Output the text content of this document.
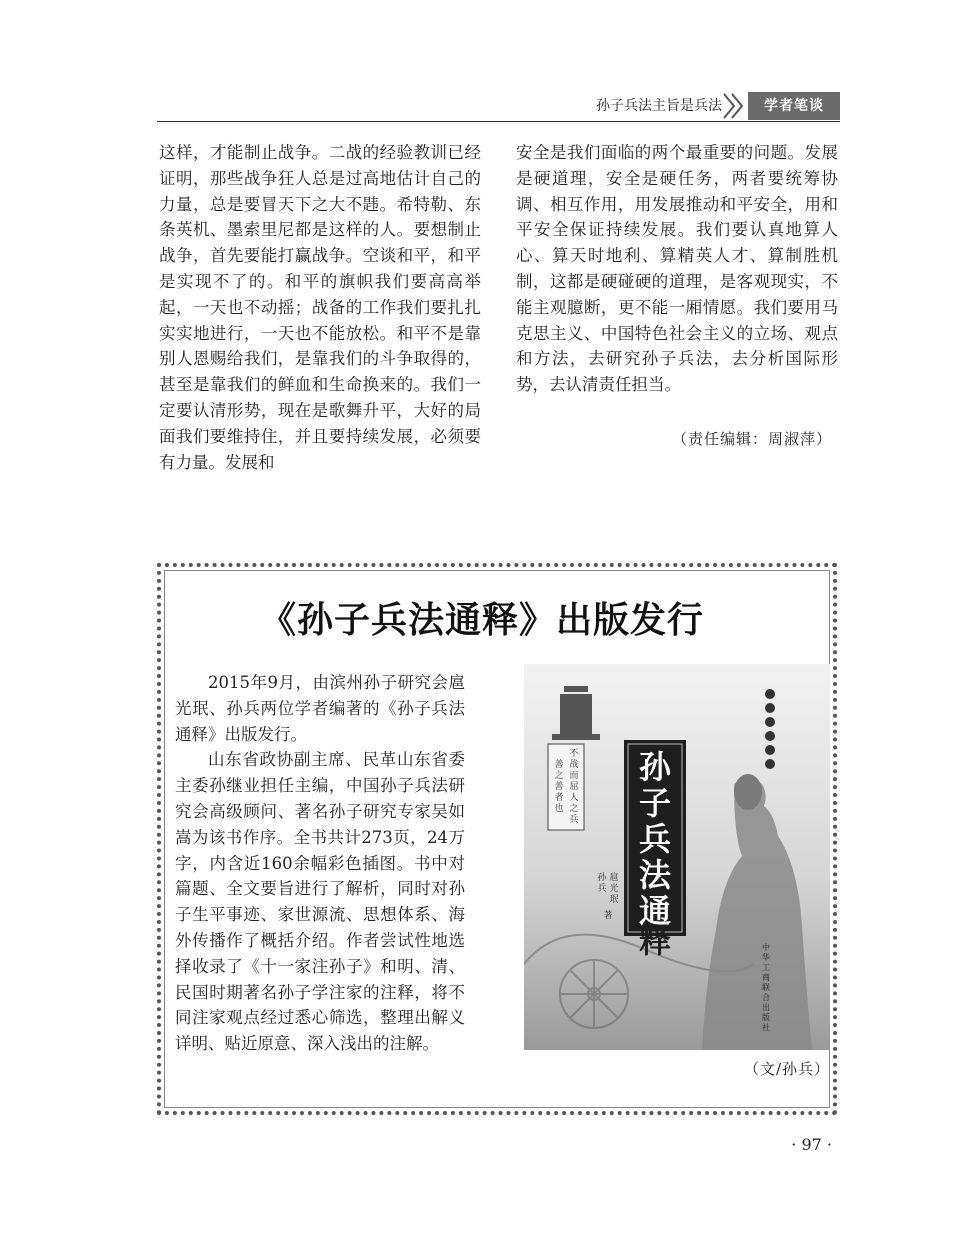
孙子兵法主旨是兵法	学者笔谈
这样，才能制止战争。二战的经验教训已经证明，那些战争狂人总是过高地估计自己的力量，总是要冒天下之大不韪。希特勒、东条英机、墨索里尼都是这样的人。要想制止战争，首先要能打赢战争。空谈和平，和平是实现不了的。和平的旗帜我们要高高举起，一天也不动摇；战备的工作我们要扎扎实实地进行，一天也不能放松。和平不是靠别人恩赐给我们，是靠我们的斗争取得的，甚至是靠我们的鲜血和生命换来的。我们一定要认清形势，现在是歌舞升平，大好的局面我们要维持住，并且要持续发展，必须要有力量。发展和
安全是我们面临的两个最重要的问题。发展是硬道理，安全是硬任务，两者要统筹协调、相互作用，用发展推动和平安全，用和平安全保证持续发展。我们要认真地算人心、算天时地利、算精英人才、算制胜机制，这都是硬碰硬的道理，是客观现实，不能主观臆断，更不能一厢情愿。我们要用马克思主义、中国特色社会主义的立场、观点和方法，去研究孙子兵法，去分析国际形势，去认清责任担当。
（责任编辑：周淑萍）
《孙子兵法通释》出版发行

2015年9月，由滨州孙子研究会扈光珉、孙兵两位学者编著的《孙子兵法通释》出版发行。

山东省政协副主席、民革山东省委主委孙继业担任主编，中国孙子兵法研究会高级顾问、著名孙子研究专家吴如嵩为该书作序。全书共计273页，24万字，内含近160余幅彩色插图。书中对篇题、全文要旨进行了解析，同时对孙子生平事迹、家世源流、思想体系、海外传播作了概括介绍。作者尝试性地选择收录了《十一家注孙子》和明、清、民国时期著名孙子学注家的注释，将不同注家观点经过悉心筛选，整理出解义详明、贴近原意、深入浅出的注解。

孙
子
兵
法
通
释
不
战
而
屈
人
之
兵
善
之
善
者
也
扈
光
珉
孙
兵
著
中
华
工
商
联
合
出
版
社
（文/孙兵）
· 97 ·
